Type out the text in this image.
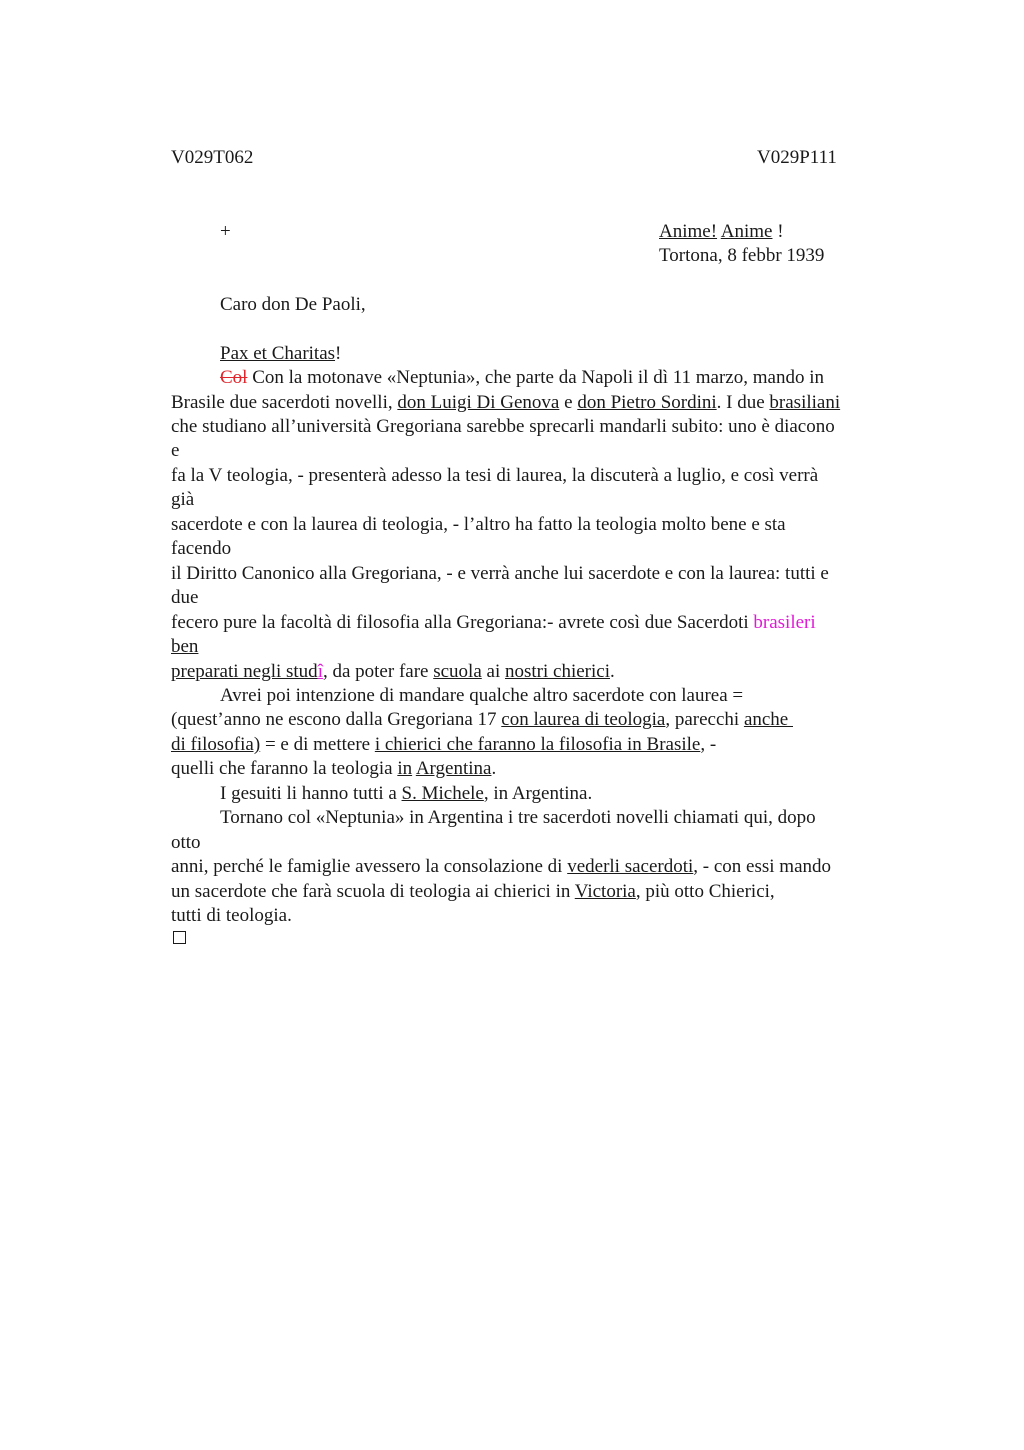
V029T062	V029P111
+	Anime! Anime !
Tortona, 8 febbr 1939
Caro don De Paoli,
Pax et Charitas!
Col Con la motonave «Neptunia», che parte da Napoli il dì 11 marzo, mando in
Brasile due sacerdoti novelli, don Luigi Di Genova e don Pietro Sordini. I due brasiliani
che studiano all’università Gregoriana sarebbe sprecarli mandarli subito: uno è diacono
e
fa la V teologia, - presenterà adesso la tesi di laurea, la discuterà a luglio, e così verrà
già
sacerdote e con la laurea di teologia, - l’altro ha fatto la teologia molto bene e sta
facendo
il Diritto Canonico alla Gregoriana, - e verrà anche lui sacerdote e con la laurea: tutti e
due
fecero pure la facoltà di filosofia alla Gregoriana:- avrete così due Sacerdoti brasileri
ben
preparati negli studî, da poter fare scuola ai nostri chierici.
Avrei poi intenzione di mandare qualche altro sacerdote con laurea =
(quest’anno ne escono dalla Gregoriana 17 con laurea di teologia, parecchi anche
di filosofia) = e di mettere i chierici che faranno la filosofia in Brasile, -
quelli che faranno la teologia in Argentina.
I gesuiti li hanno tutti a S. Michele, in Argentina.
Tornano col «Neptunia» in Argentina i tre sacerdoti novelli chiamati qui, dopo
otto
anni, perché le famiglie avessero la consolazione di vederli sacerdoti, - con essi mando
un sacerdote che farà scuola di teologia ai chierici in Victoria, più otto Chierici,
tutti di teologia.
